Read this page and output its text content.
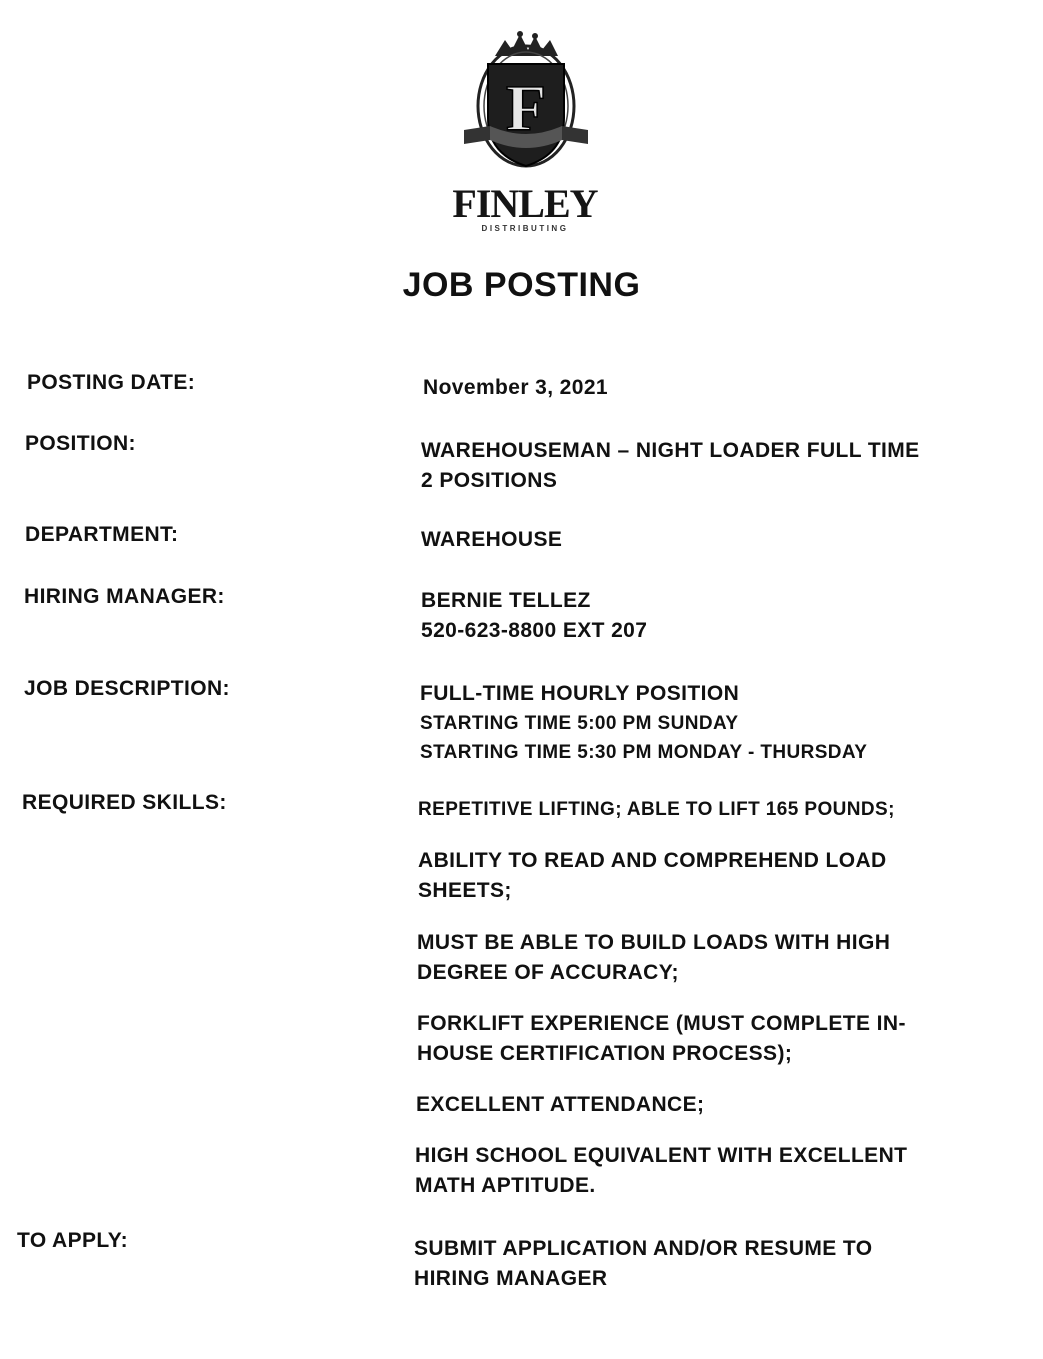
F
FINLEY
DISTRIBUTING
JOB POSTING
POSTING DATE:	November 3, 2021
POSITION:	WAREHOUSEMAN – NIGHT LOADER FULL TIME
2 POSITIONS
DEPARTMENT:	WAREHOUSE
HIRING MANAGER:	BERNIE TELLEZ
520-623-8800 EXT 207
JOB DESCRIPTION:	FULL-TIME HOURLY POSITION
STARTING TIME 5:00 PM SUNDAY
STARTING TIME 5:30 PM MONDAY - THURSDAY
REQUIRED SKILLS:	REPETITIVE LIFTING; ABLE TO LIFT 165 POUNDS;
ABILITY TO READ AND COMPREHEND LOAD
SHEETS;
MUST BE ABLE TO BUILD LOADS WITH HIGH
DEGREE OF ACCURACY;
FORKLIFT EXPERIENCE (MUST COMPLETE IN-
HOUSE CERTIFICATION PROCESS);
EXCELLENT ATTENDANCE;
HIGH SCHOOL EQUIVALENT WITH EXCELLENT
MATH APTITUDE.
TO APPLY:	SUBMIT APPLICATION AND/OR RESUME TO
HIRING MANAGER
